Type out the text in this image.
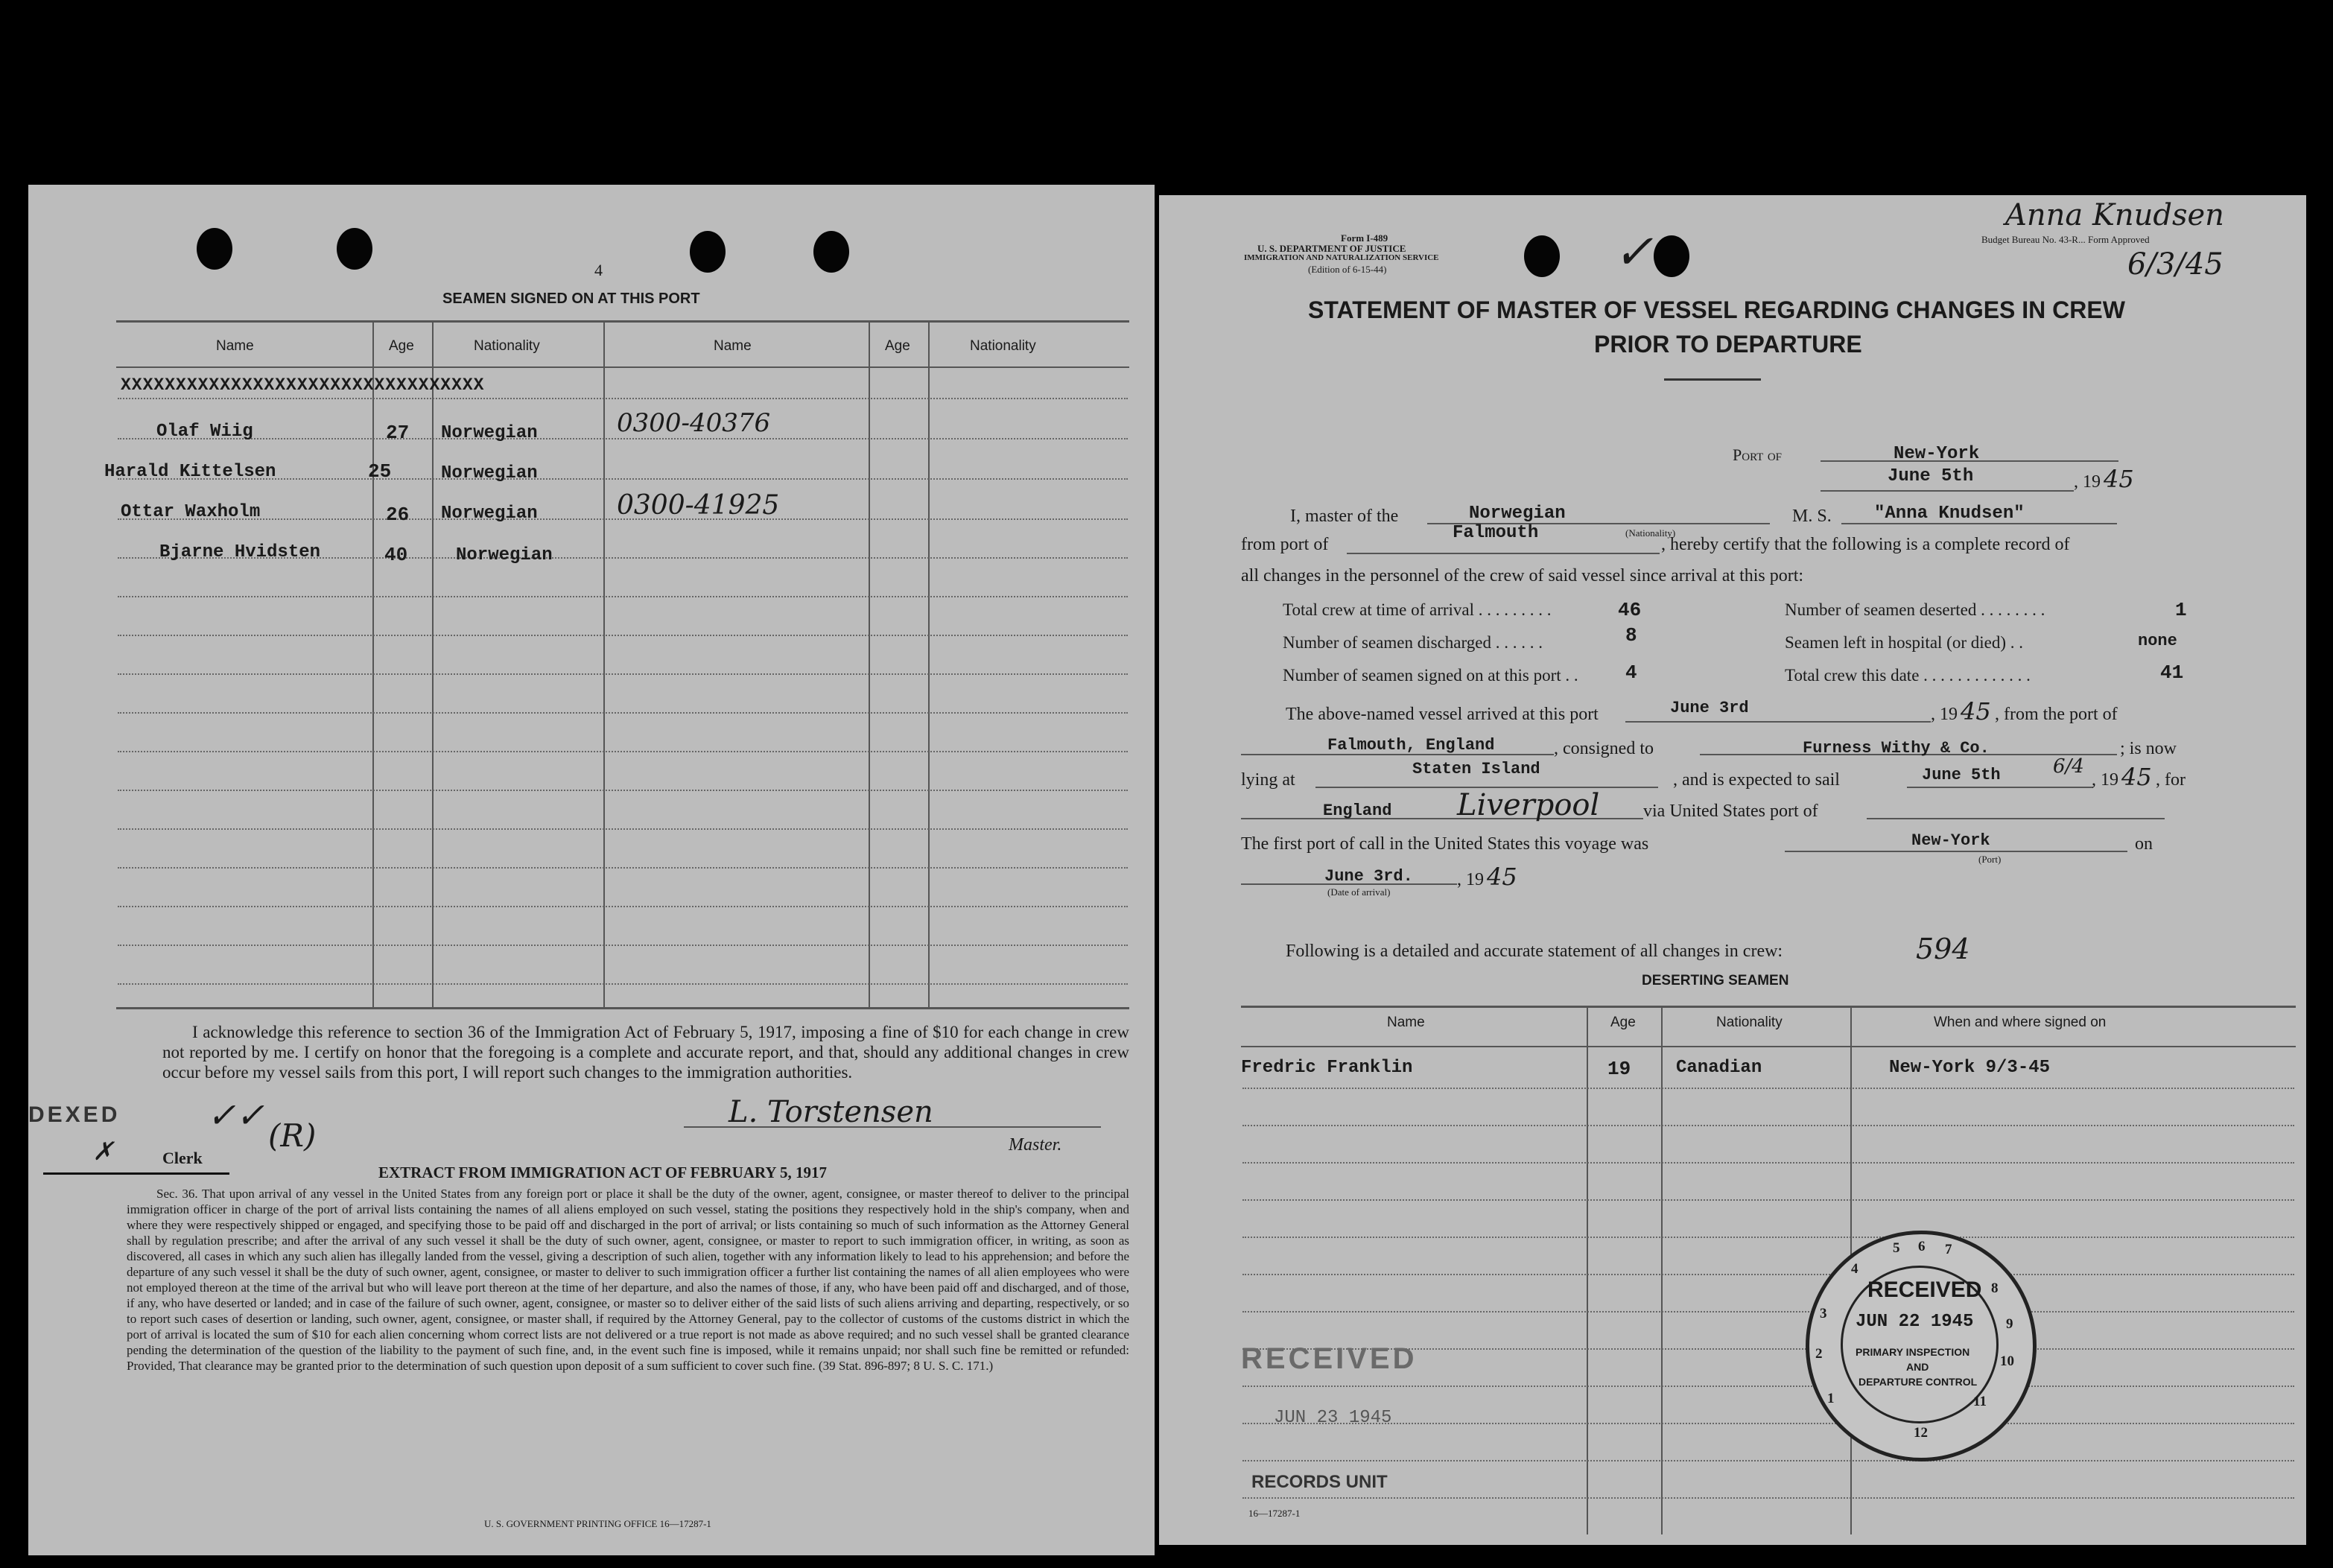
4
SEAMEN SIGNED ON AT THIS PORT
Name	Age	Nationality	Name	Age	Nationality
XXXXXXXXXXXXXXXXXXXXXXXXXXXXXXXXX
Olaf Wiig	27 Norwegian	0300-40376
Harald Kittelsen	25	Norwegian
Ottar Waxholm	26 Norwegian	0300-41925
Bjarne Hvidsten	40	Norwegian
I acknowledge this reference to section 36 of the Immigration Act of February 5, 1917, imposing a fine of $10 for each change in crew not reported by me. I certify on honor that the foregoing is a complete and accurate report, and that, should any additional changes in crew occur before my vessel sails from this port, I will report such changes to the immigration authorities.
DEXED	✓✓
(R)
✗	Clerk
L. Torstensen
Master.
EXTRACT FROM IMMIGRATION ACT OF FEBRUARY 5, 1917
Sec. 36. That upon arrival of any vessel in the United States from any foreign port or place it shall be the duty of the owner, agent, consignee, or master thereof to deliver to the principal immigration officer in charge of the port of arrival lists containing the names of all aliens employed on such vessel, stating the positions they respectively hold in the ship's company, when and where they were respectively shipped or engaged, and specifying those to be paid off and discharged in the port of arrival; or lists containing so much of such information as the Attorney General shall by regulation prescribe; and after the arrival of any such vessel it shall be the duty of such owner, agent, consignee, or master to report to such immigration officer, in writing, as soon as discovered, all cases in which any such alien has illegally landed from the vessel, giving a description of such alien, together with any information likely to lead to his apprehension; and before the departure of any such vessel it shall be the duty of such owner, agent, consignee, or master to deliver to such immigration officer a further list containing the names of all alien employees who were not employed thereon at the time of the arrival but who will leave port thereon at the time of her departure, and also the names of those, if any, who have been paid off and discharged, and of those, if any, who have deserted or landed; and in case of the failure of such owner, agent, consignee, or master so to deliver either of the said lists of such aliens arriving and departing, respectively, or so to report such cases of desertion or landing, such owner, agent, consignee, or master shall, if required by the Attorney General, pay to the collector of customs of the customs district in which the port of arrival is located the sum of $10 for each alien concerning whom correct lists are not delivered or a true report is not made as above required; and no such vessel shall be granted clearance pending the determination of the question of the liability to the payment of such fine, and, in the event such fine is imposed, while it remains unpaid; nor shall such fine be remitted or refunded: Provided, That clearance may be granted prior to the determination of such question upon deposit of a sum sufficient to cover such fine. (39 Stat. 896-897; 8 U. S. C. 171.)
U. S. GOVERNMENT PRINTING OFFICE 16—17287-1
Form I-489
U. S. DEPARTMENT OF JUSTICE
IMMIGRATION AND NATURALIZATION SERVICE
(Edition of 6-15-44)	✓	Budget Bureau No. 43-R... Form Approved
Anna Knudsen
6/3/45
STATEMENT OF MASTER OF VESSEL REGARDING CHANGES IN CREW
PRIOR TO DEPARTURE
Port of	New-York
June 5th	, 19 45
I, master of the	Norwegian
(Nationality)
M. S. "Anna Knudsen"
from port of
Falmouth
, hereby certify that the following is a complete record of
all changes in the personnel of the crew of said vessel since arrival at this port:
Total crew at time of arrival . . . . . . . . .	46	Number of seamen deserted . . . . . . . .	1
Number of seamen discharged . . . . . .	8	Seamen left in hospital (or died) . .	none
Number of seamen signed on at this port . . 4	Total crew this date . . . . . . . . . . . . .	41
The above-named vessel arrived at this port	June 3rd	, 19 45 , from the port of
Falmouth, England	, consigned to	Furness Withy & Co.	; is now
lying at
Staten Island
, and is expected to sail	June 5th	6/4
, 19 45 , for
England Liverpool via United States port of
The first port of call in the United States this voyage was	New-York
(Port)
on
June 3rd.
(Date of arrival)
, 19 45
Following is a detailed and accurate statement of all changes in crew:	594
DESERTING SEAMEN
Name	Age	Nationality	When and where signed on
Fredric Franklin	19	Canadian	New-York 9/3-45
RECEIVED
JUN 22 1945
PRIMARY INSPECTION
AND
DEPARTURE CONTROL
5 6 7
8
9
10
11
12
1
2
3
4
RECEIVED
JUN 23 1945
RECORDS UNIT
16—17287-1
